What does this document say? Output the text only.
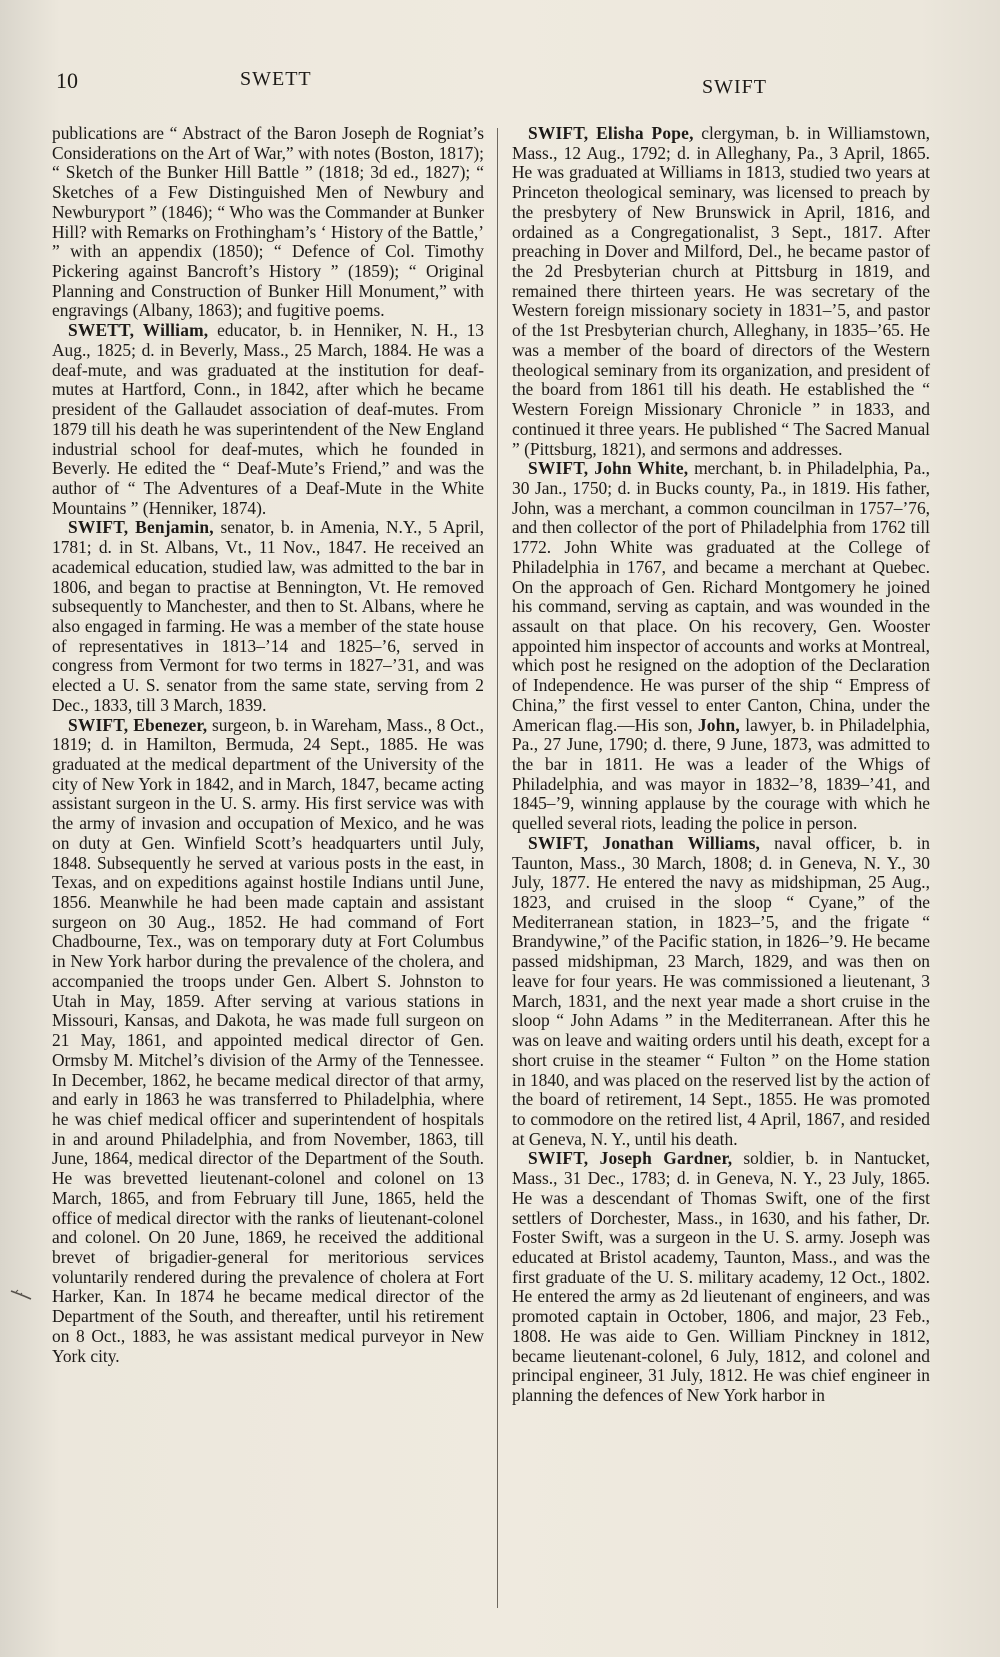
10	SWETT	SWIFT

publications are “ Abstract of the Baron Joseph de Rogniat’s Considerations on the Art of War,” with notes (Boston, 1817); “ Sketch of the Bunker Hill Battle ” (1818; 3d ed., 1827); “ Sketches of a Few Distinguished Men of Newbury and Newburyport ” (1846); “ Who was the Commander at Bunker Hill? with Remarks on Frothingham’s ‘ History of the Battle,’ ” with an appendix (1850); “ Defence of Col. Timothy Pickering against Bancroft’s History ” (1859); “ Original Planning and Construction of Bunker Hill Monument,” with engravings (Albany, 1863); and fugitive poems.

SWETT, William, educator, b. in Henniker, N. H., 13 Aug., 1825; d. in Beverly, Mass., 25 March, 1884. He was a deaf-mute, and was graduated at the institution for deaf-mutes at Hartford, Conn., in 1842, after which he became president of the Gallaudet association of deaf-mutes. From 1879 till his death he was superintendent of the New England industrial school for deaf-mutes, which he founded in Beverly. He edited the “ Deaf-Mute’s Friend,” and was the author of “ The Adventures of a Deaf-Mute in the White Mountains ” (Henniker, 1874).

SWIFT, Benjamin, senator, b. in Amenia, N.Y., 5 April, 1781; d. in St. Albans, Vt., 11 Nov., 1847. He received an academical education, studied law, was admitted to the bar in 1806, and began to practise at Bennington, Vt. He removed subsequently to Manchester, and then to St. Albans, where he also engaged in farming. He was a member of the state house of representatives in 1813–’14 and 1825–’6, served in congress from Vermont for two terms in 1827–’31, and was elected a U. S. senator from the same state, serving from 2 Dec., 1833, till 3 March, 1839.

SWIFT, Ebenezer, surgeon, b. in Wareham, Mass., 8 Oct., 1819; d. in Hamilton, Bermuda, 24 Sept., 1885. He was graduated at the medical department of the University of the city of New York in 1842, and in March, 1847, became acting assistant surgeon in the U. S. army. His first service was with the army of invasion and occupation of Mexico, and he was on duty at Gen. Winfield Scott’s headquarters until July, 1848. Subsequently he served at various posts in the east, in Texas, and on expeditions against hostile Indians until June, 1856. Meanwhile he had been made captain and assistant surgeon on 30 Aug., 1852. He had command of Fort Chadbourne, Tex., was on temporary duty at Fort Columbus in New York harbor during the prevalence of the cholera, and accompanied the troops under Gen. Albert S. Johnston to Utah in May, 1859. After serving at various stations in Missouri, Kansas, and Dakota, he was made full surgeon on 21 May, 1861, and appointed medical director of Gen. Ormsby M. Mitchel’s division of the Army of the Tennessee. In December, 1862, he became medical director of that army, and early in 1863 he was transferred to Philadelphia, where he was chief medical officer and superintendent of hospitals in and around Philadelphia, and from November, 1863, till June, 1864, medical director of the Department of the South. He was brevetted lieutenant-colonel and colonel on 13 March, 1865, and from February till June, 1865, held the office of medical director with the ranks of lieutenant-colonel and colonel. On 20 June, 1869, he received the additional brevet of brigadier-general for meritorious services voluntarily rendered during the prevalence of cholera at Fort Harker, Kan. In 1874 he became medical director of the Department of the South, and thereafter, until his retirement on 8 Oct., 1883, he was assistant medical purveyor in New York city.

SWIFT, Elisha Pope, clergyman, b. in Williamstown, Mass., 12 Aug., 1792; d. in Alleghany, Pa., 3 April, 1865. He was graduated at Williams in 1813, studied two years at Princeton theological seminary, was licensed to preach by the presbytery of New Brunswick in April, 1816, and ordained as a Congregationalist, 3 Sept., 1817. After preaching in Dover and Milford, Del., he became pastor of the 2d Presbyterian church at Pittsburg in 1819, and remained there thirteen years. He was secretary of the Western foreign missionary society in 1831–’5, and pastor of the 1st Presbyterian church, Alleghany, in 1835–’65. He was a member of the board of directors of the Western theological seminary from its organization, and president of the board from 1861 till his death. He established the “ Western Foreign Missionary Chronicle ” in 1833, and continued it three years. He published “ The Sacred Manual ” (Pittsburg, 1821), and sermons and addresses.

SWIFT, John White, merchant, b. in Philadelphia, Pa., 30 Jan., 1750; d. in Bucks county, Pa., in 1819. His father, John, was a merchant, a common councilman in 1757–’76, and then collector of the port of Philadelphia from 1762 till 1772. John White was graduated at the College of Philadelphia in 1767, and became a merchant at Quebec. On the approach of Gen. Richard Montgomery he joined his command, serving as captain, and was wounded in the assault on that place. On his recovery, Gen. Wooster appointed him inspector of accounts and works at Montreal, which post he resigned on the adoption of the Declaration of Independence. He was purser of the ship “ Empress of China,” the first vessel to enter Canton, China, under the American flag.—His son, John, lawyer, b. in Philadelphia, Pa., 27 June, 1790; d. there, 9 June, 1873, was admitted to the bar in 1811. He was a leader of the Whigs of Philadelphia, and was mayor in 1832–’8, 1839–’41, and 1845–’9, winning applause by the courage with which he quelled several riots, leading the police in person.

SWIFT, Jonathan Williams, naval officer, b. in Taunton, Mass., 30 March, 1808; d. in Geneva, N. Y., 30 July, 1877. He entered the navy as midshipman, 25 Aug., 1823, and cruised in the sloop “ Cyane,” of the Mediterranean station, in 1823–’5, and the frigate “ Brandywine,” of the Pacific station, in 1826–’9. He became passed midshipman, 23 March, 1829, and was then on leave for four years. He was commissioned a lieutenant, 3 March, 1831, and the next year made a short cruise in the sloop “ John Adams ” in the Mediterranean. After this he was on leave and waiting orders until his death, except for a short cruise in the steamer “ Fulton ” on the Home station in 1840, and was placed on the reserved list by the action of the board of retirement, 14 Sept., 1855. He was promoted to commodore on the retired list, 4 April, 1867, and resided at Geneva, N. Y., until his death.

SWIFT, Joseph Gardner, soldier, b. in Nantucket, Mass., 31 Dec., 1783; d. in Geneva, N. Y., 23 July, 1865. He was a descendant of Thomas Swift, one of the first settlers of Dorchester, Mass., in 1630, and his father, Dr. Foster Swift, was a surgeon in the U. S. army. Joseph was educated at Bristol academy, Taunton, Mass., and was the first graduate of the U. S. military academy, 12 Oct., 1802. He entered the army as 2d lieutenant of engineers, and was promoted captain in October, 1806, and major, 23 Feb., 1808. He was aide to Gen. William Pinckney in 1812, became lieutenant-colonel, 6 July, 1812, and colonel and principal engineer, 31 July, 1812. He was chief engineer in planning the defences of New York harbor in
